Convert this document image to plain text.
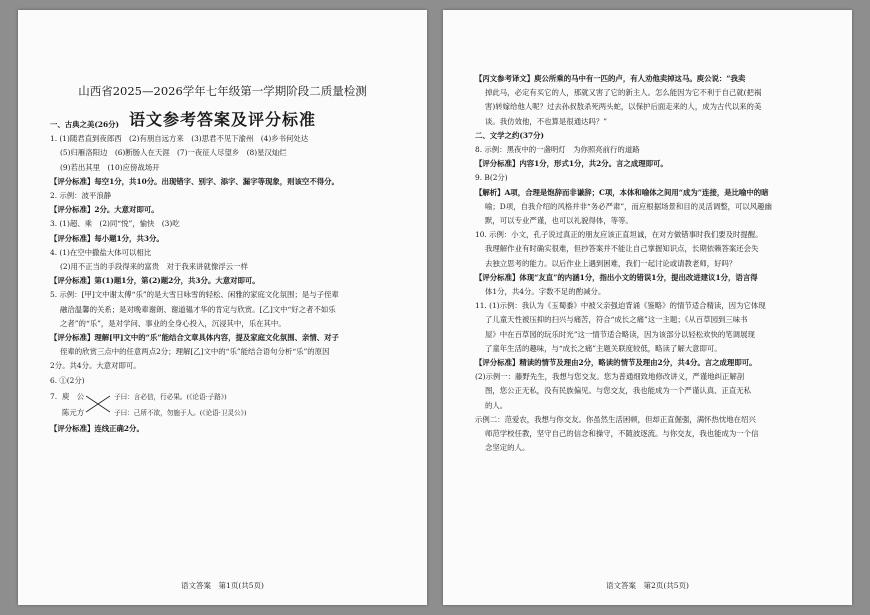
山西省2025—2026学年七年级第一学期阶段二质量检测
语文参考答案及评分标准
一、古典之美(26分)
1. (1)随君直到夜郎西　(2)有朋自远方来　(3)思君不见下渝州　(4)乡书何处达
(5)归雁洛阳边　(6)断肠人在天涯　(7)一夜征人尽望乡　(8)星汉灿烂
(9)若出其里　(10)应傍战场开
【评分标准】每空1分，共10分。出现错字、别字、添字、漏字等现象，则该空不得分。
2. 示例：波平浪静
【评分标准】2分。大意对即可。
3. (1)超、乘　(2)同“悦”，愉快　(3)吃
【评分标准】每小题1分，共3分。
4. (1)在空中撒盐大体可以相比
(2)用不正当的手段得来的富贵　对于我来讲就像浮云一样
【评分标准】第(1)题1分，第(2)题2分，共3分。大意对即可。
5. 示例：[甲]文中谢太傅“乐”的是大雪日咏雪的轻松、闲雅的家庭文化氛围；是与子侄辈
融洽温馨的关系；是对晚辈谢朗、谢道韫才华的肯定与欣赏。[乙]文中“好之者不如乐
之者”的“乐”，是对学问、事业的全身心投入，沉浸其中，乐在其中。
【评分标准】理解[甲]文中的“乐”能结合文章具体内容，提及家庭文化氛围、亲情、对子
侄辈的欣赏三点中的任意两点2分；理解[乙]文中的“乐”能结合语句分析“乐”的原因
2分。共4分。大意对即可。
6. ①(2分)
7. 庾　公
陈元方
子曰：言必信，行必果。(《论语·子路》)
子曰：己所不欲，勿施于人。(《论语·卫灵公》)
【评分标准】连线正确2分。
语文答案　第1页(共5页)
【丙文参考译文】庾公所乘的马中有一匹的卢，有人劝他卖掉这马。庾公说：“我卖
掉此马，必定有买它的人，那就又害了它的新主人。怎么能因为它不利于自己就(把祸
害)转嫁给他人呢？过去孙叔敖杀死两头蛇，以保护后面走来的人，成为古代以来的美
谈。我仿效他，不也算是很通达吗？”
二、文学之约(37分)
8. 示例：黑夜中的一盏明灯　为你照亮前行的道路
【评分标准】内容1分，形式1分，共2分。言之成理即可。
9. B(2分)
【解析】A项，合理是饱辞而非谦辞；C项，本体和喻体之间用“成为”连接，是比喻中的暗
喻；D项，自我介绍的风格并非“务必严肃”，而应根据场景和目的灵活调整，可以风趣幽
默，可以专业严谨，也可以礼貌得体，等等。
10. 示例：小文，孔子说过真正的朋友应该正直坦诚，在对方做错事时我们要及时提醒。
我理解作业有时确实很难，但抄答案并不能让自己掌握知识点，长期依赖答案还会失
去独立思考的能力。以后作业上遇到困难，我们一起讨论或请教老师，好吗？
【评分标准】体现“友直”的内涵1分，指出小文的错误1分，提出改进建议1分，语言得
体1分，共4分。字数不足的酌减分。
11. (1)示例：我认为《玉蜀黍》中被父亲强迫背诵《鉴略》的情节适合精读，因为它体现
了儿童天性被压抑的扫兴与痛苦，符合“成长之痛”这一主题；《从百草园到三味书
屋》中在百草园的玩乐时光”这一情节适合略读，因为该部分以轻松欢快的笔调展现
了童年生活的趣味，与“成长之痛”主题关联度较低，略读了解大意即可。
【评分标准】精读的情节及理由2分，略读的情节及理由2分，共4分。言之成理即可。
(2)示例一：藤野先生，我想与您交友。您为普通细致地修改讲义，严谨地纠正解剖
图，您公正无私，没有民族偏见。与您交友，我也能成为一个严谨认真、正直无私
的人。
示例二：范爱农，我想与你交友。你虽然生活困顿，但却正直倔强，满怀热忱地在绍兴
师范学校任教，坚守自己的信念和操守，不随波逐流。与你交友，我也能成为一个信
念坚定的人。
语文答案　第2页(共5页)
